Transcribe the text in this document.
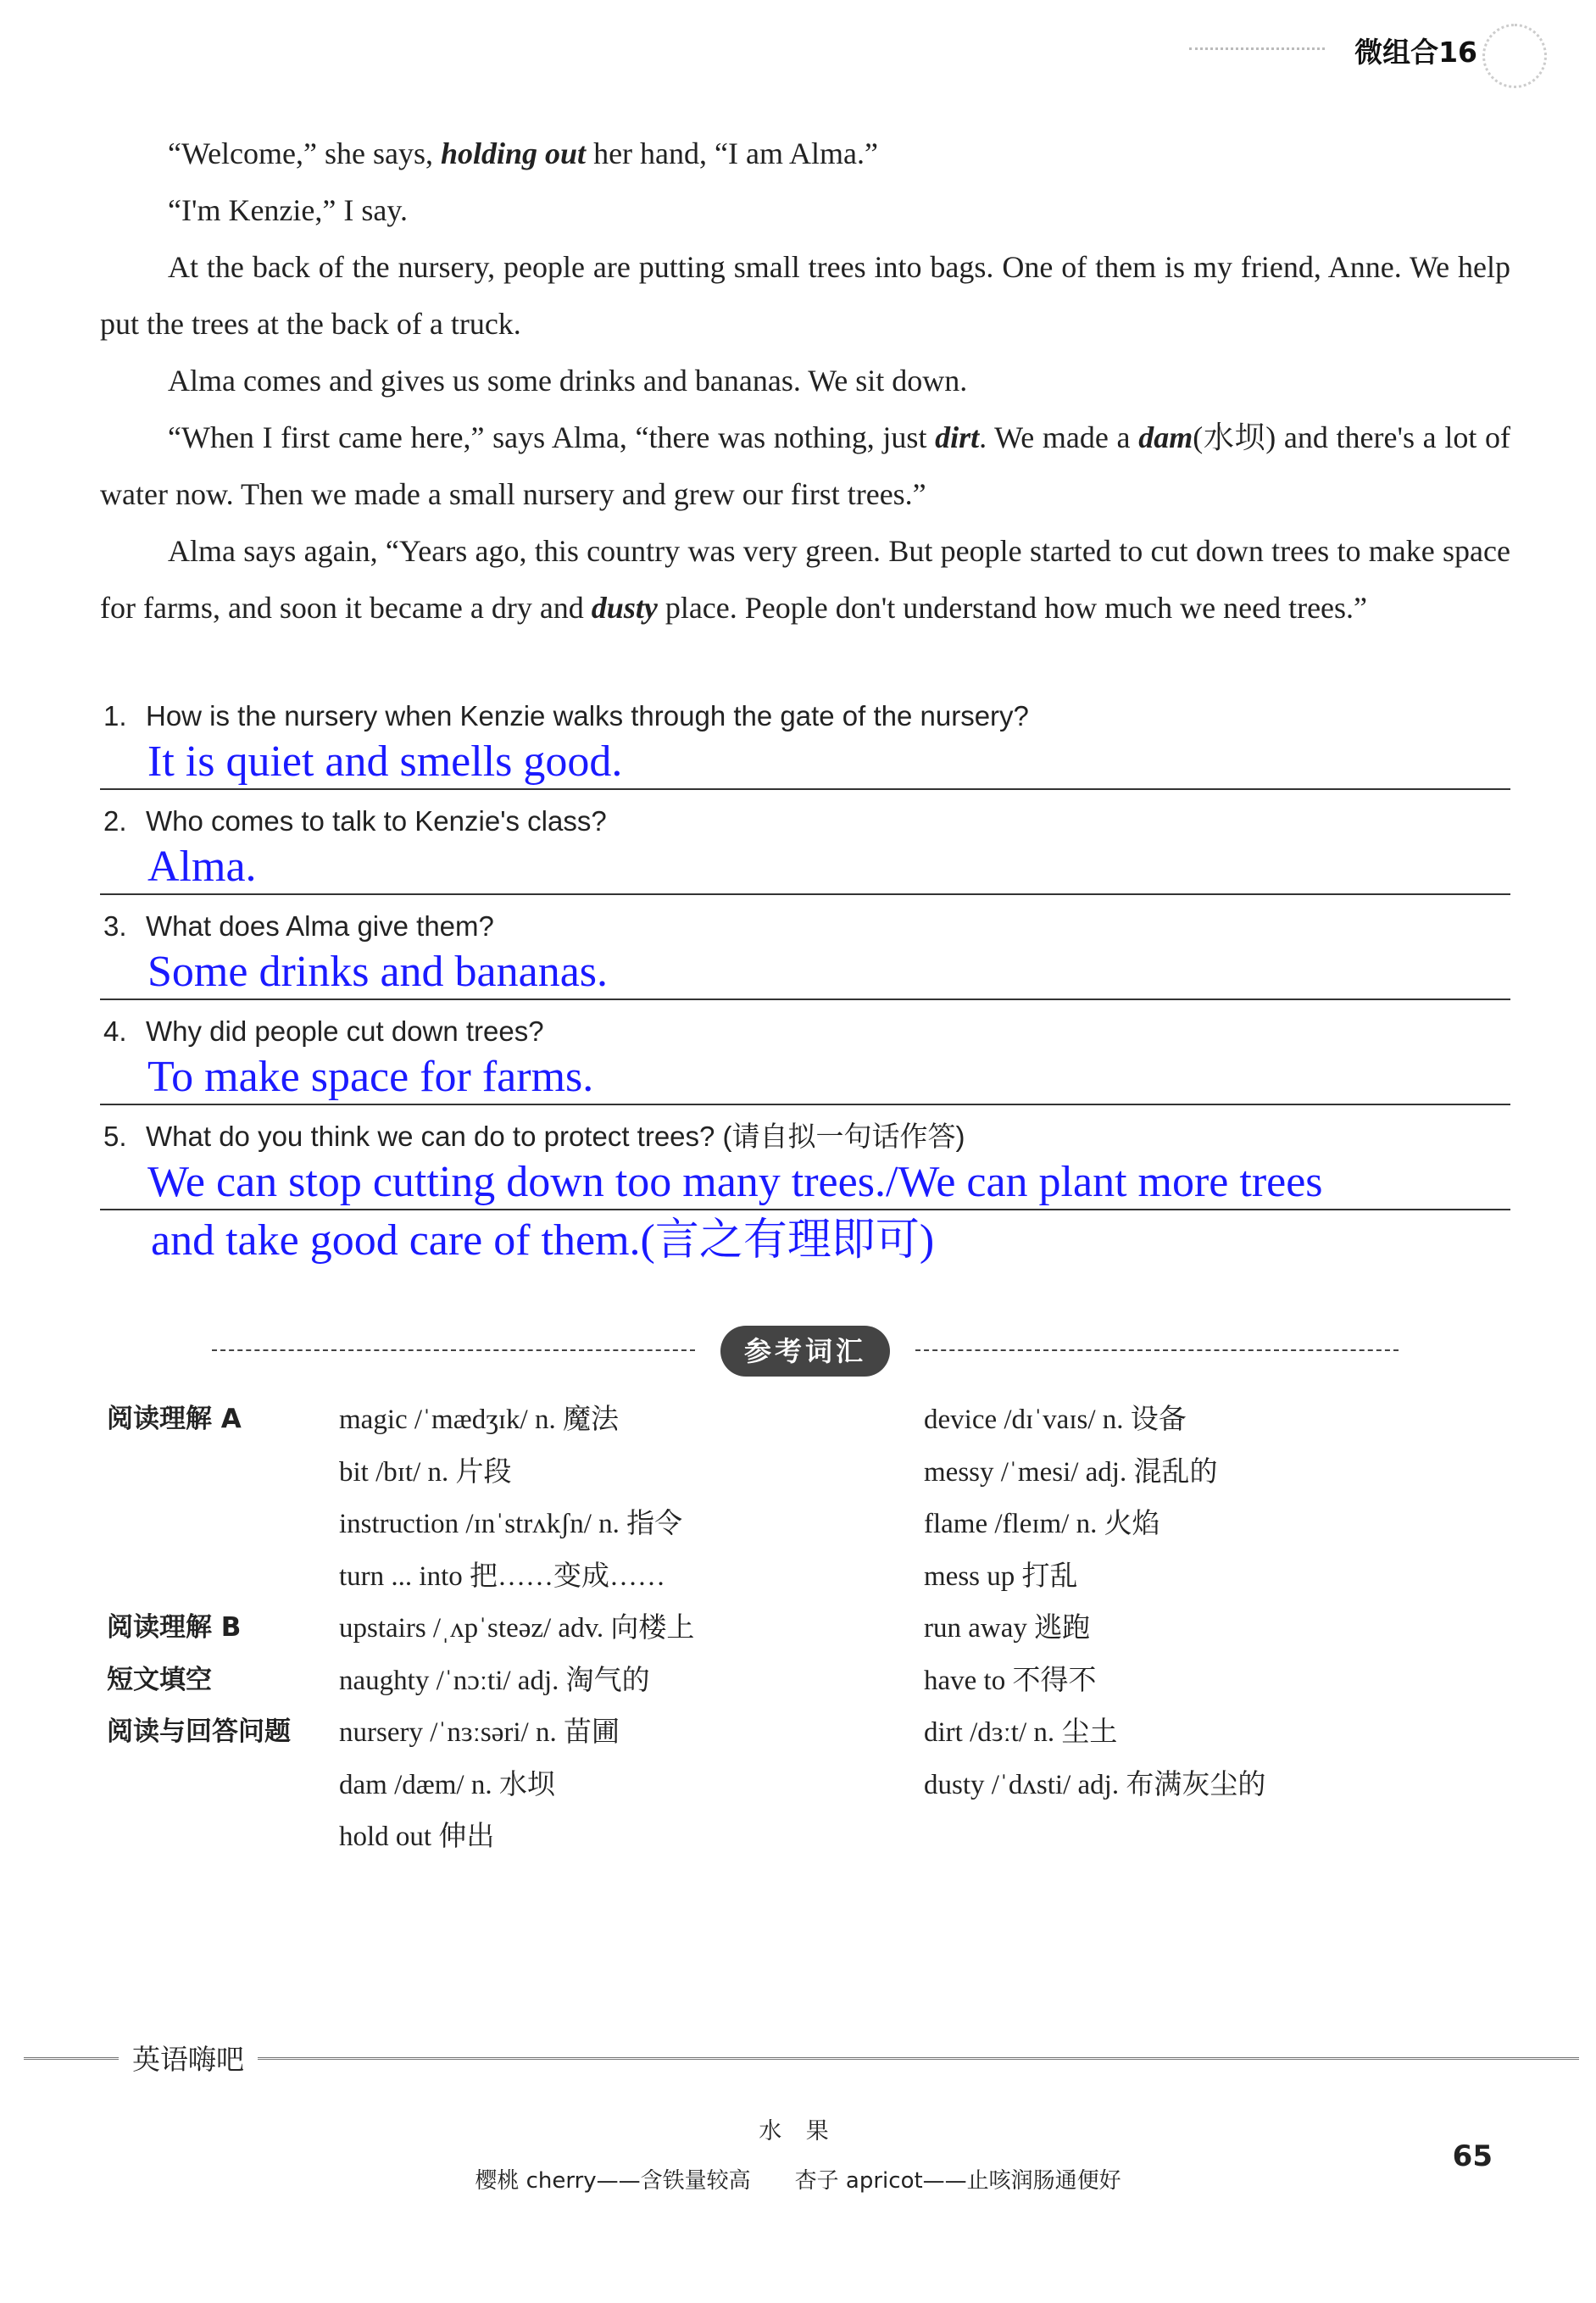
微组合16

“Welcome,” she says, holding out her hand, “I am Alma.”

“I'm Kenzie,” I say.

At the back of the nursery, people are putting small trees into bags. One of them is my friend, Anne. We help put the trees at the back of a truck.

Alma comes and gives us some drinks and bananas. We sit down.

“When I first came here,” says Alma, “there was nothing, just dirt. We made a dam(水坝) and there's a lot of water now. Then we made a small nursery and grew our first trees.”

Alma says again, “Years ago, this country was very green. But people started to cut down trees to make space for farms, and soon it became a dry and dusty place. People don't understand how much we need trees.”

1. How is the nursery when Kenzie walks through the gate of the nursery?
It is quiet and smells good.
2. Who comes to talk to Kenzie's class?
Alma.
3. What does Alma give them?
Some drinks and bananas.
4. Why did people cut down trees?
To make space for farms.
5. What do you think we can do to protect trees? (请自拟一句话作答)
We can stop cutting down too many trees./We can plant more trees
and take good care of them.(言之有理即可)
参考词汇
阅读理解 A	magic /ˈmædʒɪk/ n. 魔法	device /dɪˈvaɪs/ n. 设备
bit /bɪt/ n. 片段	messy /ˈmesi/ adj. 混乱的
instruction /ɪnˈstrʌkʃn/ n. 指令	flame /fleɪm/ n. 火焰
turn ... into 把……变成……	mess up 打乱
阅读理解 B	upstairs /ˌʌpˈsteəz/ adv. 向楼上	run away 逃跑
短文填空	naughty /ˈnɔːti/ adj. 淘气的	have to 不得不
阅读与回答问题 nursery /ˈnɜːsəri/ n. 苗圃	dirt /dɜːt/ n. 尘土
dam /dæm/ n. 水坝	dusty /ˈdʌsti/ adj. 布满灰尘的
hold out 伸出
英语嗨吧
水 果
樱桃 cherry——含铁量较高 杏子 apricot——止咳润肠通便好
65
